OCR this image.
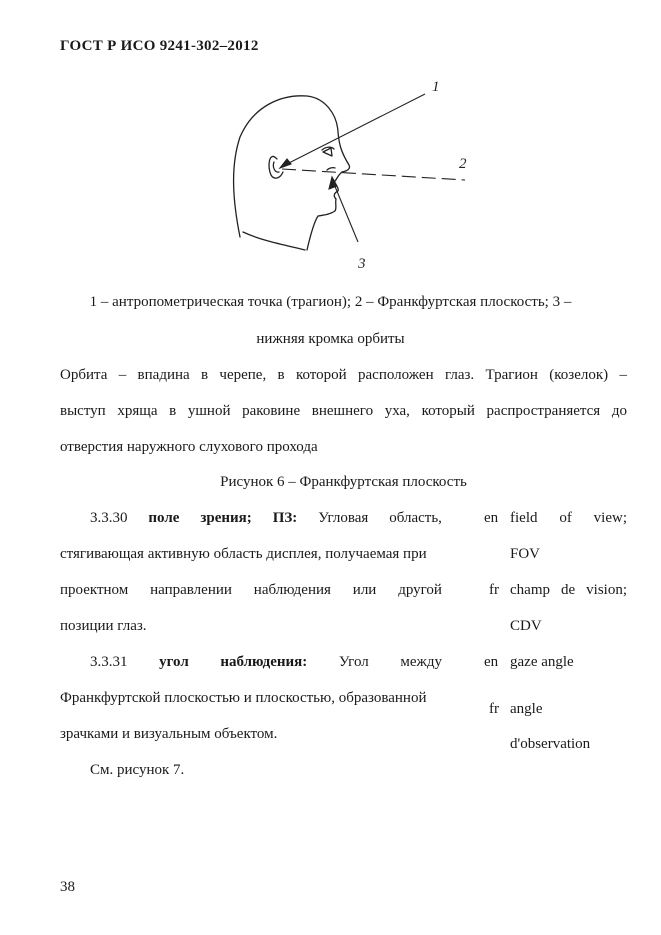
ГОСТ Р ИСО 9241-302–2012
1
2
3
1 – антропометрическая точка (трагион); 2 – Франкфуртская плоскость; 3 –
нижняя кромка орбиты
Орбита – впадина в черепе, в которой расположен глаз. Трагион (козелок) –
выступ хряща в ушной раковине внешнего уха, который распространяется до
отверстия наружного слухового прохода
Рисунок 6 – Франкфуртская плоскость
3.3.30 поле зрения; ПЗ: Угловая область,
стягивающая активную область дисплея, получаемая при
проектном направлении наблюдения или другой
позиции глаз.
en field of view;
FOV
fr champ de vision;
CDV
3.3.31 угол наблюдения: Угол между
Франкфуртской плоскостью и плоскостью, образованной
зрачками и визуальным объектом.
en gaze angle
fr angle
d'observation
См. рисунок 7.
38
